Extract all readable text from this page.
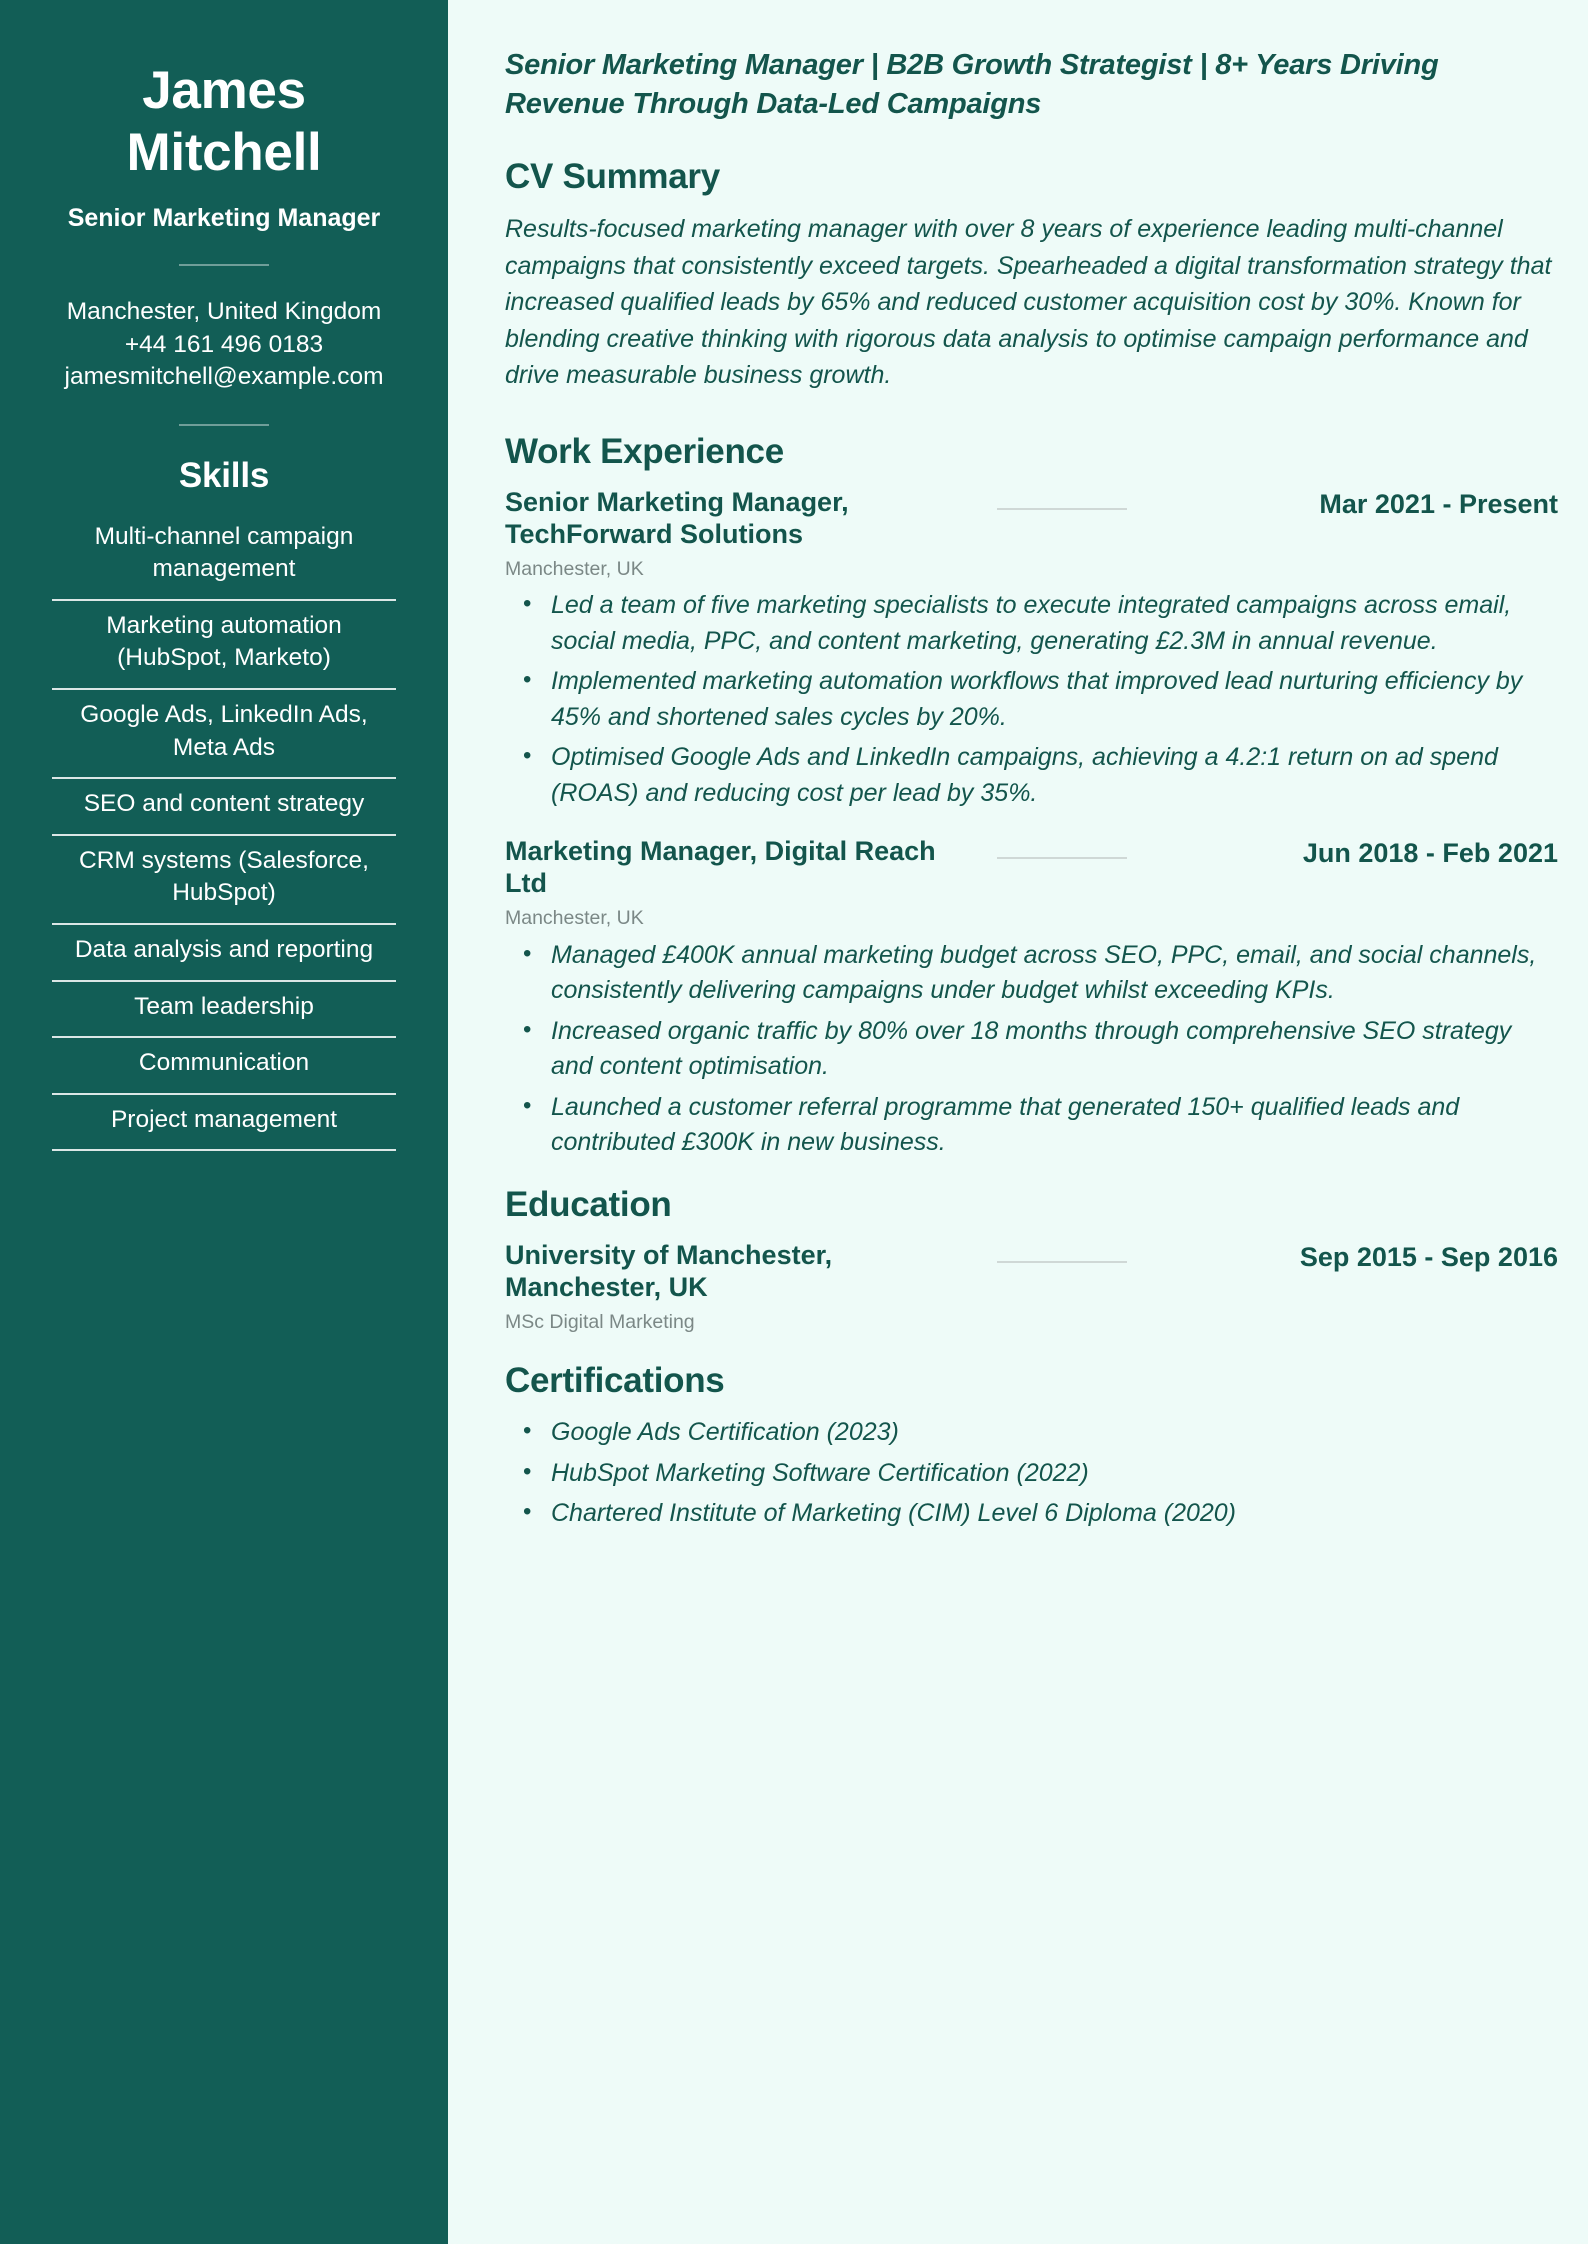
James Mitchell
Senior Marketing Manager

Manchester, United Kingdom

+44 161 496 0183

jamesmitchell@example.com

Skills
Multi-channel campaign management
Marketing automation (HubSpot, Marketo)
Google Ads, LinkedIn Ads, Meta Ads
SEO and content strategy
CRM systems (Salesforce, HubSpot)
Data analysis and reporting
Team leadership
Communication
Project management
Senior Marketing Manager | B2B Growth Strategist | 8+ Years Driving Revenue Through Data-Led Campaigns
CV Summary

Results-focused marketing manager with over 8 years of experience leading multi-channel campaigns that consistently exceed targets. Spearheaded a digital transformation strategy that increased qualified leads by 65% and reduced customer acquisition cost by 30%. Known for blending creative thinking with rigorous data analysis to optimise campaign performance and drive measurable business growth.

Work Experience
Senior Marketing Manager, TechForward Solutions
Mar 2021 - Present
Manchester, UK
• Led a team of five marketing specialists to execute integrated campaigns across email, social media, PPC, and content marketing, generating £2.3M in annual revenue.
• Implemented marketing automation workflows that improved lead nurturing efficiency by 45% and shortened sales cycles by 20%.
• Optimised Google Ads and LinkedIn campaigns, achieving a 4.2:1 return on ad spend (ROAS) and reducing cost per lead by 35%.
Marketing Manager, Digital Reach Ltd
Jun 2018 - Feb 2021
Manchester, UK
• Managed £400K annual marketing budget across SEO, PPC, email, and social channels, consistently delivering campaigns under budget whilst exceeding KPIs.
• Increased organic traffic by 80% over 18 months through comprehensive SEO strategy and content optimisation.
• Launched a customer referral programme that generated 150+ qualified leads and contributed £300K in new business.
Education
University of Manchester, Manchester, UK
Sep 2015 - Sep 2016
MSc Digital Marketing
Certifications
• Google Ads Certification (2023)
• HubSpot Marketing Software Certification (2022)
• Chartered Institute of Marketing (CIM) Level 6 Diploma (2020)
